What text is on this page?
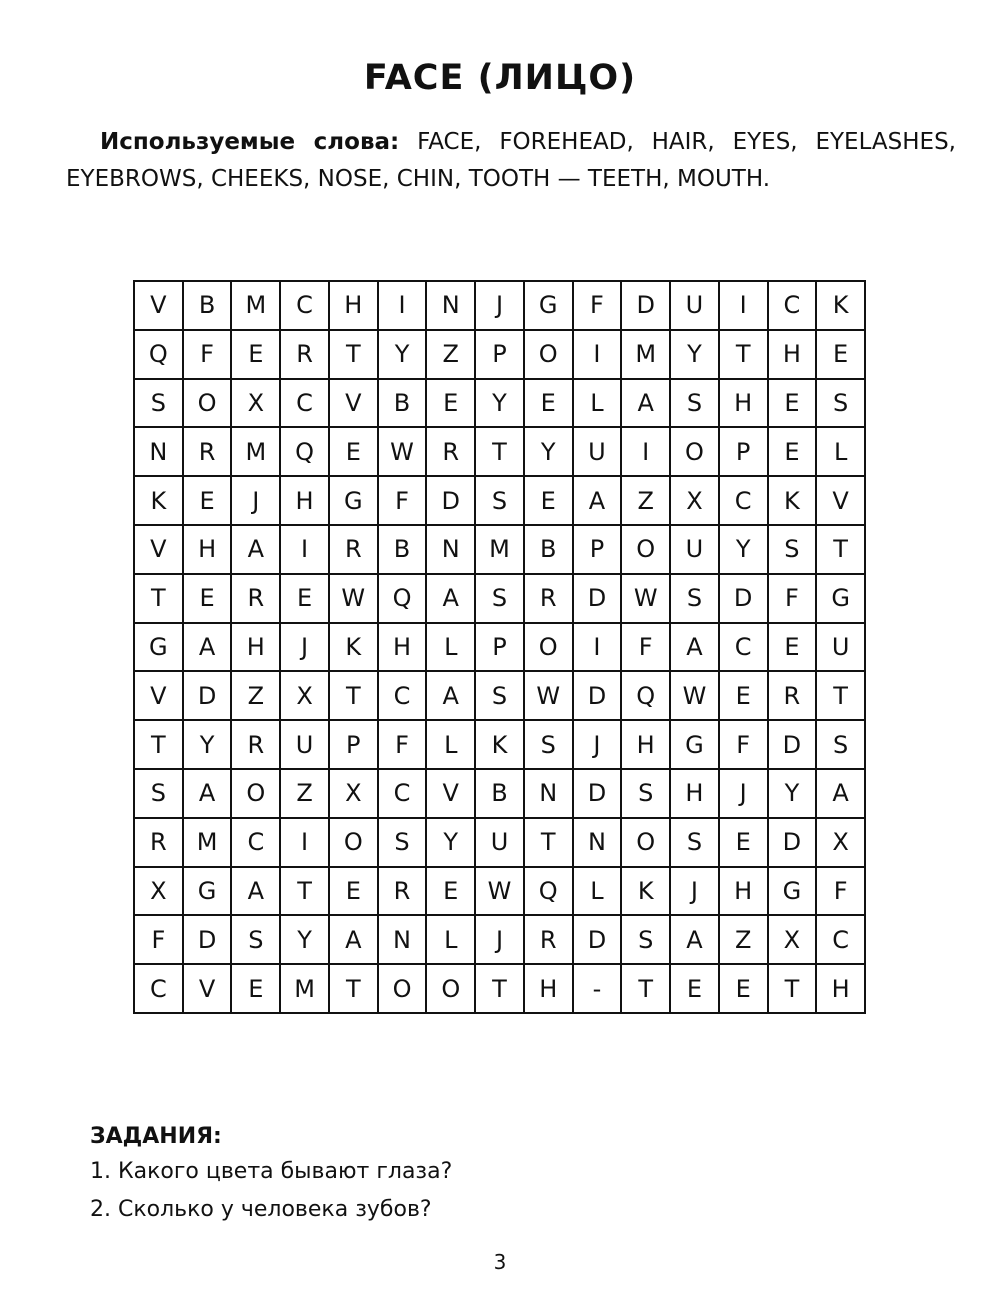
FACE (ЛИЦО)
Используемые слова: FACE, FOREHEAD, HAIR, EYES, EYELASHES, EYEBROWS, CHEEKS, NOSE, CHIN, TOOTH — TEETH, MOUTH.
V	B	M	C	H	I	N	J	G	F	D	U	I	C	K
Q	F	E	R	T	Y	Z	P	O	I	M	Y	T	H	E
S	O	X	C	V	B	E	Y	E	L	A	S	H	E	S
N	R	M	Q	E	W	R	T	Y	U	I	O	P	E	L
K	E	J	H	G	F	D	S	E	A	Z	X	C	K	V
V	H	A	I	R	B	N	M	B	P	O	U	Y	S	T
T	E	R	E	W	Q	A	S	R	D	W	S	D	F	G
G	A	H	J	K	H	L	P	O	I	F	A	C	E	U
V	D	Z	X	T	C	A	S	W	D	Q	W	E	R	T
T	Y	R	U	P	F	L	K	S	J	H	G	F	D	S
S	A	O	Z	X	C	V	B	N	D	S	H	J	Y	A
R	M	C	I	O	S	Y	U	T	N	O	S	E	D	X
X	G	A	T	E	R	E	W	Q	L	K	J	H	G	F
F	D	S	Y	A	N	L	J	R	D	S	A	Z	X	C
C	V	E	M	T	O	O	T	H	-	T	E	E	T	H
ЗАДАНИЯ:
1. Какого цвета бывают глаза?
2. Сколько у человека зубов?
3
